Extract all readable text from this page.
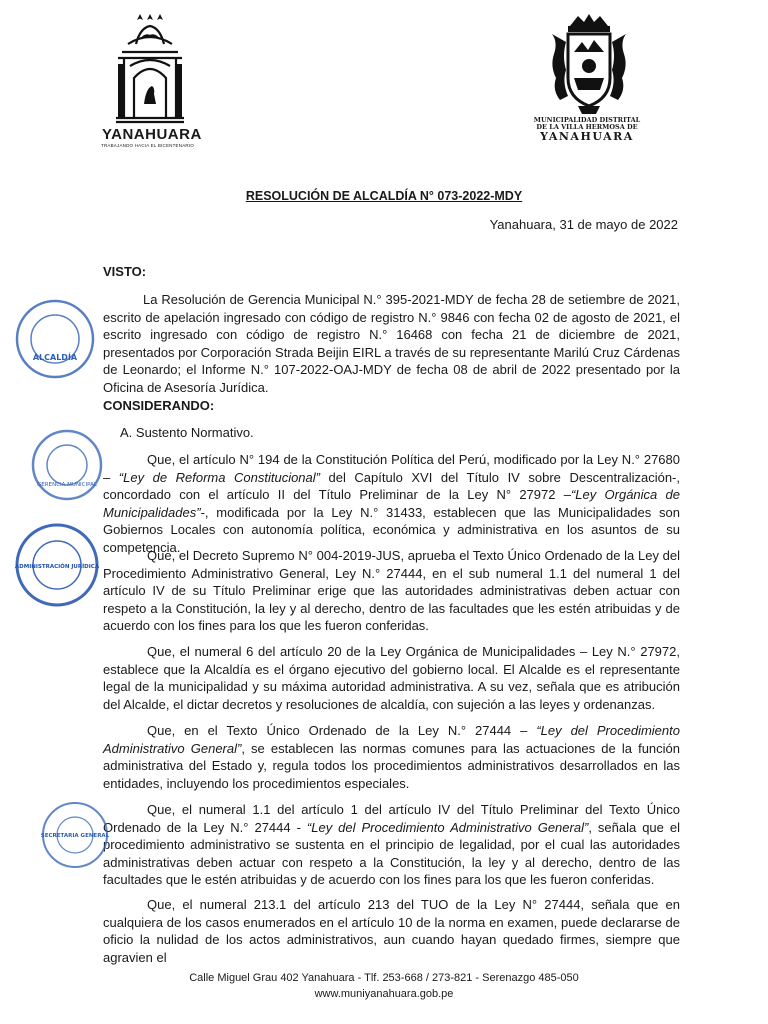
YANAHUARA
TRABAJANDO HACIA EL BICENTENARIO
MUNICIPALIDAD DISTRITAL
DE LA VILLA HERMOSA DE
YANAHUARA
RESOLUCIÓN DE ALCALDÍA N° 073-2022-MDY
Yanahuara, 31 de mayo de 2022
VISTO:
La Resolución de Gerencia Municipal N.° 395-2021-MDY de fecha 28 de setiembre de 2021, escrito de apelación ingresado con código de registro N.° 9846 con fecha 02 de agosto de 2021, el escrito ingresado con código de registro N.° 16468 con fecha 21 de diciembre de 2021, presentados por Corporación Strada Beijin EIRL a través de su representante Marilú Cruz Cárdenas de Leonardo; el Informe N.° 107-2022-OAJ-MDY de fecha 08 de abril de 2022 presentado por la Oficina de Asesoría Jurídica.
CONSIDERANDO:
A. Sustento Normativo.
Que, el artículo N° 194 de la Constitución Política del Perú, modificado por la Ley N.° 27680 – “Ley de Reforma Constitucional” del Capítulo XVI del Título IV sobre Descentralización-, concordado con el artículo II del Título Preliminar de la Ley N° 27972 –“Ley Orgánica de Municipalidades”-, modificada por la Ley N.° 31433, establecen que las Municipalidades son Gobiernos Locales con autonomía política, económica y administrativa en los asuntos de su competencia.
Que, el Decreto Supremo N° 004-2019-JUS, aprueba el Texto Único Ordenado de la Ley del Procedimiento Administrativo General, Ley N.° 27444, en el sub numeral 1.1 del numeral 1 del artículo IV de su Título Preliminar erige que las autoridades administrativas deben actuar con respeto a la Constitución, la ley y al derecho, dentro de las facultades que les estén atribuidas y de acuerdo con los fines para los que les fueron conferidas.
Que, el numeral 6 del artículo 20 de la Ley Orgánica de Municipalidades – Ley N.° 27972, establece que la Alcaldía es el órgano ejecutivo del gobierno local. El Alcalde es el representante legal de la municipalidad y su máxima autoridad administrativa. A su vez, señala que es atribución del Alcalde, el dictar decretos y resoluciones de alcaldía, con sujeción a las leyes y ordenanzas.
Que, en el Texto Único Ordenado de la Ley N.° 27444 – “Ley del Procedimiento Administrativo General”, se establecen las normas comunes para las actuaciones de la función administrativa del Estado y, regula todos los procedimientos administrativos desarrollados en las entidades, incluyendo los procedimientos especiales.
Que, el numeral 1.1 del artículo 1 del artículo IV del Título Preliminar del Texto Único Ordenado de la Ley N.° 27444 - “Ley del Procedimiento Administrativo General”, señala que el procedimiento administrativo se sustenta en el principio de legalidad, por el cual las autoridades administrativas deben actuar con respeto a la Constitución, la ley y al derecho, dentro de las facultades que le estén atribuidas y de acuerdo con los fines para los que les fueron conferidas.
Que, el numeral 213.1 del artículo 213 del TUO de la Ley N° 27444, señala que en cualquiera de los casos enumerados en el artículo 10 de la norma en examen, puede declararse de oficio la nulidad de los actos administrativos, aun cuando hayan quedado firmes, siempre que agravien el
ALCALDÍA
GERENCIA MUNICIPAL
ADMINISTRACIÓN JURÍDICA
SECRETARIA GENERAL
Calle Miguel Grau 402 Yanahuara - Tlf. 253-668 / 273-821 - Serenazgo 485-050
www.muniyanahuara.gob.pe
